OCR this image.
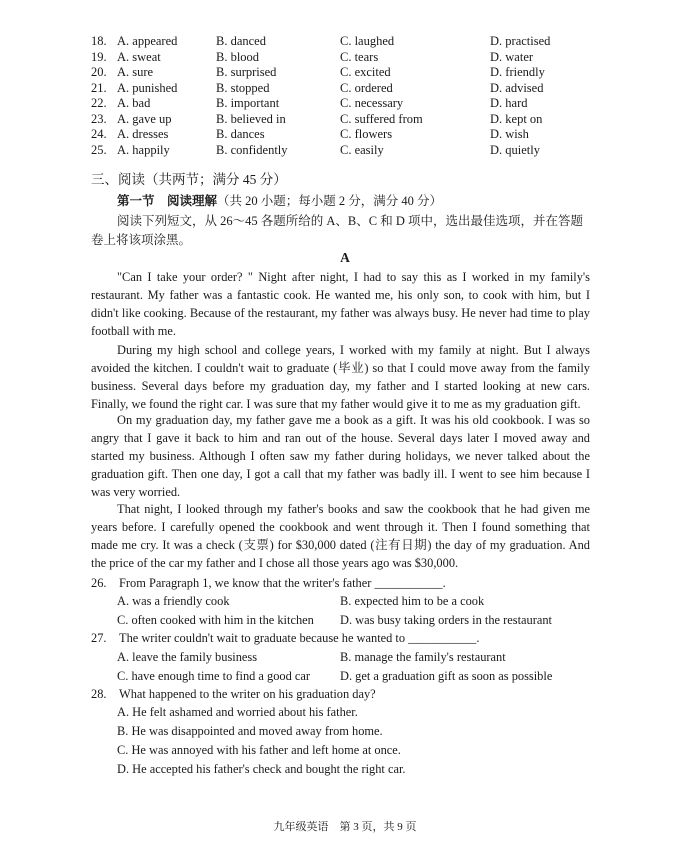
18. A. appeared	B. danced	C. laughed	D. practised
19. A. sweat	B. blood	C. tears	D. water
20. A. sure	B. surprised	C. excited	D. friendly
21. A. punished	B. stopped	C. ordered	D. advised
22. A. bad	B. important	C. necessary	D. hard
23. A. gave up	B. believed in	C. suffered from	D. kept on
24. A. dresses	B. dances	C. flowers	D. wish
25. A. happily	B. confidently	C. easily	D. quietly
三、阅读（共两节；满分 45 分）
第一节　阅读理解（共 20 小题；每小题 2 分，满分 40 分）
阅读下列短文，从 26～45 各题所给的 A、B、C 和 D 项中，选出最佳选项，并在答题卷上将该项涂黑。
A
"Can I take your order? " Night after night, I had to say this as I worked in my family's restaurant. My father was a fantastic cook. He wanted me, his only son, to cook with him, but I didn't like cooking. Because of the restaurant, my father was always busy. He never had time to play football with me.
During my high school and college years, I worked with my family at night. But I always avoided the kitchen. I couldn't wait to graduate (毕业) so that I could move away from the family business. Several days before my graduation day, my father and I started looking at new cars. Finally, we found the right car. I was sure that my father would give it to me as my graduation gift.
On my graduation day, my father gave me a book as a gift. It was his old cookbook. I was so angry that I gave it back to him and ran out of the house. Several days later I moved away and started my business. Although I often saw my father during holidays, we never talked about the graduation gift. Then one day, I got a call that my father was badly ill. I went to see him because I was very worried.
That night, I looked through my father's books and saw the cookbook that he had given me years before. I carefully opened the cookbook and went through it. Then I found something that made me cry. It was a check (支票) for $30,000 dated (注有日期) the day of my graduation. And the price of the car my father and I chose all those years ago was $30,000.
26. From Paragraph 1, we know that the writer's father ___________.
A. was a friendly cook	B. expected him to be a cook
C. often cooked with him in the kitchen D. was busy taking orders in the restaurant
27. The writer couldn't wait to graduate because he wanted to ___________.
A. leave the family business	B. manage the family's restaurant
C. have enough time to find a good car D. get a graduation gift as soon as possible
28. What happened to the writer on his graduation day?
A. He felt ashamed and worried about his father.
B. He was disappointed and moved away from home.
C. He was annoyed with his father and left home at once.
D. He accepted his father's check and bought the right car.
九年级英语　第 3 页，共 9 页
